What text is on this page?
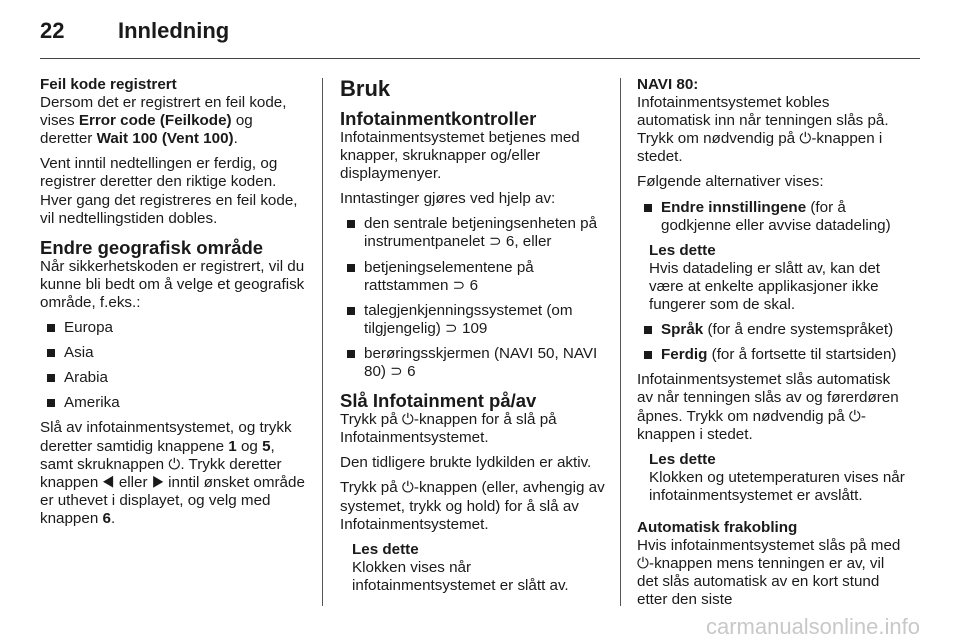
22 Innledning
Feil kode registrert

Dersom det er registrert en feil kode, vises Error code (Feilkode) og deretter Wait 100 (Vent 100).

Vent inntil nedtellingen er ferdig, og registrer deretter den riktige koden. Hver gang det registreres en feil kode, vil nedtellingstiden dobles.

Endre geografisk område

Når sikkerhetskoden er registrert, vil du kunne bli bedt om å velge et geografisk område, f.eks.:

Europa
Asia
Arabia
Amerika

Slå av infotainmentsystemet, og trykk deretter samtidig knappene 1 og 5, samt skruknappen ⏻. Trykk deretter knappen ◀ eller ▶ inntil ønsket område er uthevet i displayet, og velg med knappen 6.

Bruk
Infotainmentkontroller

Infotainmentsystemet betjenes med knapper, skruknapper og/eller displaymenyer.

Inntastinger gjøres ved hjelp av:

den sentrale betjeningsenheten på instrumentpanelet ⊃ 6, eller
betjeningselementene på rattstammen ⊃ 6
talegjenkjenningssystemet (om tilgjengelig) ⊃ 109
berøringsskjermen (NAVI 50, NAVI 80) ⊃ 6
Slå Infotainment på/av

Trykk på ⏻-knappen for å slå på Infotainmentsystemet.

Den tidligere brukte lydkilden er aktiv.

Trykk på ⏻-knappen (eller, avhengig av systemet, trykk og hold) for å slå av Infotainmentsystemet.

Les dette
Klokken vises når infotainmentsystemet er slått av.
NAVI 80:

Infotainmentsystemet kobles automatisk inn når tenningen slås på. Trykk om nødvendig på ⏻-knappen i stedet.

Følgende alternativer vises:

Endre innstillingene (for å godkjenne eller avvise datadeling)
Les dette
Hvis datadeling er slått av, kan det være at enkelte applikasjoner ikke fungerer som de skal.
Språk (for å endre systemspråket)
Ferdig (for å fortsette til startsiden)

Infotainmentsystemet slås automatisk av når tenningen slås av og førerdøren åpnes. Trykk om nødvendig på ⏻-knappen i stedet.

Les dette
Klokken og utetemperaturen vises når infotainmentsystemet er avslått.
Automatisk frakobling

Hvis infotainmentsystemet slås på med ⏻-knappen mens tenningen er av, vil det slås automatisk av en kort stund etter den siste

carmanualsonline.info
